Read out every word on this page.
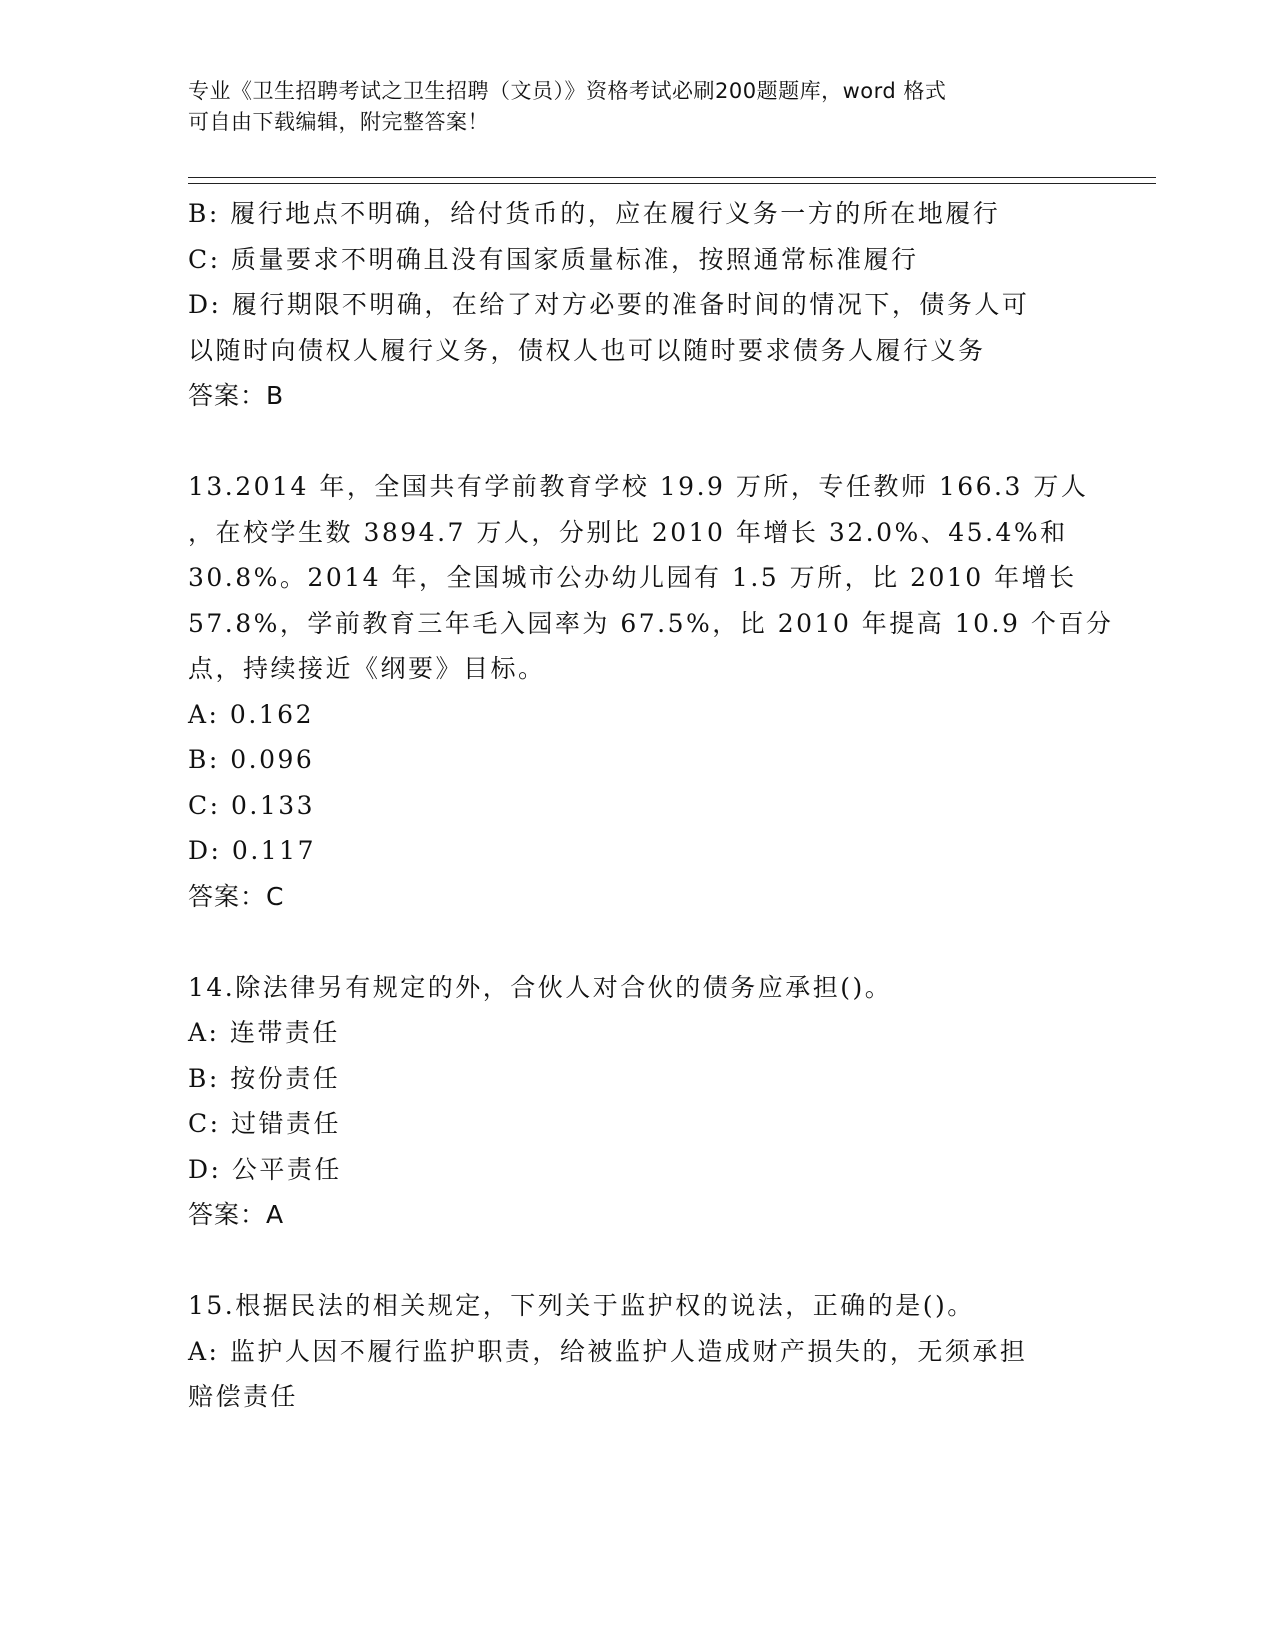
专业《卫生招聘考试之卫生招聘（文员）》资格考试必刷200题题库，word 格式
可自由下载编辑，附完整答案！
B: 履行地点不明确，给付货币的，应在履行义务一方的所在地履行
C: 质量要求不明确且没有国家质量标准，按照通常标准履行
D: 履行期限不明确，在给了对方必要的准备时间的情况下，债务人可
以随时向债权人履行义务，债权人也可以随时要求债务人履行义务
答案：B
13.2014 年，全国共有学前教育学校 19.9 万所，专任教师 166.3 万人
，在校学生数 3894.7 万人，分别比 2010 年增长 32.0%、45.4%和
30.8%。2014 年，全国城市公办幼儿园有 1.5 万所，比 2010 年增长
57.8%，学前教育三年毛入园率为 67.5%，比 2010 年提高 10.9 个百分
点，持续接近《纲要》目标。
A: 0.162
B: 0.096
C: 0.133
D: 0.117
答案：C
14.除法律另有规定的外，合伙人对合伙的债务应承担()。
A: 连带责任
B: 按份责任
C: 过错责任
D: 公平责任
答案：A
15.根据民法的相关规定，下列关于监护权的说法，正确的是()。
A: 监护人因不履行监护职责，给被监护人造成财产损失的，无须承担
赔偿责任
